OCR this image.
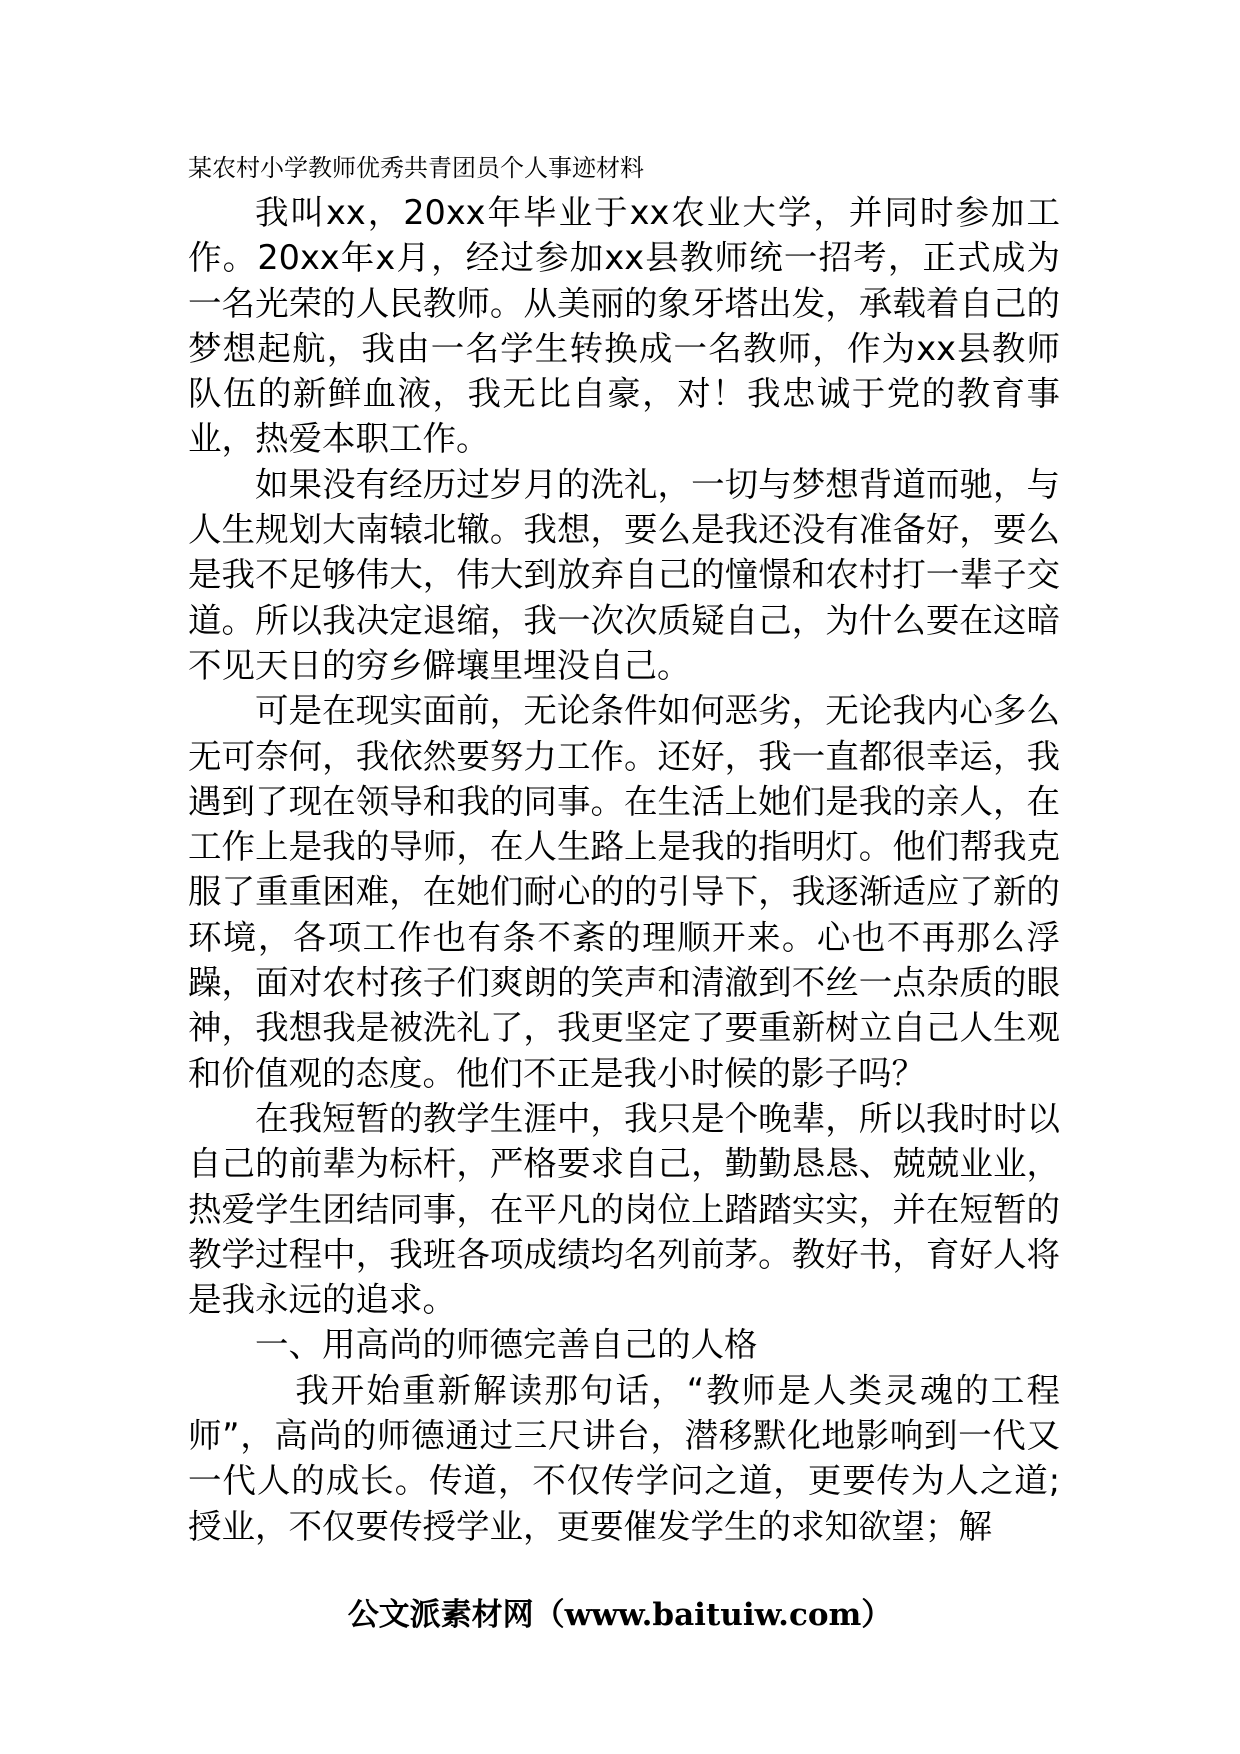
某农村小学教师优秀共青团员个人事迹材料

我叫xx，20xx年毕业于xx农业大学，并同时参加工作。20xx年x月，经过参加xx县教师统一招考，正式成为一名光荣的人民教师。从美丽的象牙塔出发，承载着自己的梦想起航，我由一名学生转换成一名教师，作为xx县教师队伍的新鲜血液，我无比自豪，对！我忠诚于党的教育事业，热爱本职工作。

如果没有经历过岁月的洗礼，一切与梦想背道而驰，与人生规划大南辕北辙。我想，要么是我还没有准备好，要么是我不足够伟大，伟大到放弃自己的憧憬和农村打一辈子交道。所以我决定退缩，我一次次质疑自己，为什么要在这暗不见天日的穷乡僻壤里埋没自己。

可是在现实面前，无论条件如何恶劣，无论我内心多么无可奈何，我依然要努力工作。还好，我一直都很幸运，我遇到了现在领导和我的同事。在生活上她们是我的亲人，在工作上是我的导师，在人生路上是我的指明灯。他们帮我克服了重重困难，在她们耐心的的引导下，我逐渐适应了新的环境，各项工作也有条不紊的理顺开来。心也不再那么浮躁，面对农村孩子们爽朗的笑声和清澈到不丝一点杂质的眼神，我想我是被洗礼了，我更坚定了要重新树立自己人生观和价值观的态度。他们不正是我小时候的影子吗？

在我短暂的教学生涯中，我只是个晚辈，所以我时时以自己的前辈为标杆，严格要求自己，勤勤恳恳、兢兢业业，热爱学生团结同事，在平凡的岗位上踏踏实实，并在短暂的教学过程中，我班各项成绩均名列前茅。教好书，育好人将是我永远的追求。

一、用高尚的师德完善自己的人格

我开始重新解读那句话，“教师是人类灵魂的工程师”，高尚的师德通过三尺讲台，潜移默化地影响到一代又一代人的成长。传道，不仅传学问之道，更要传为人之道;授业，不仅要传授学业，更要催发学生的求知欲望；解

公文派素材网（www.baituiw.com）
